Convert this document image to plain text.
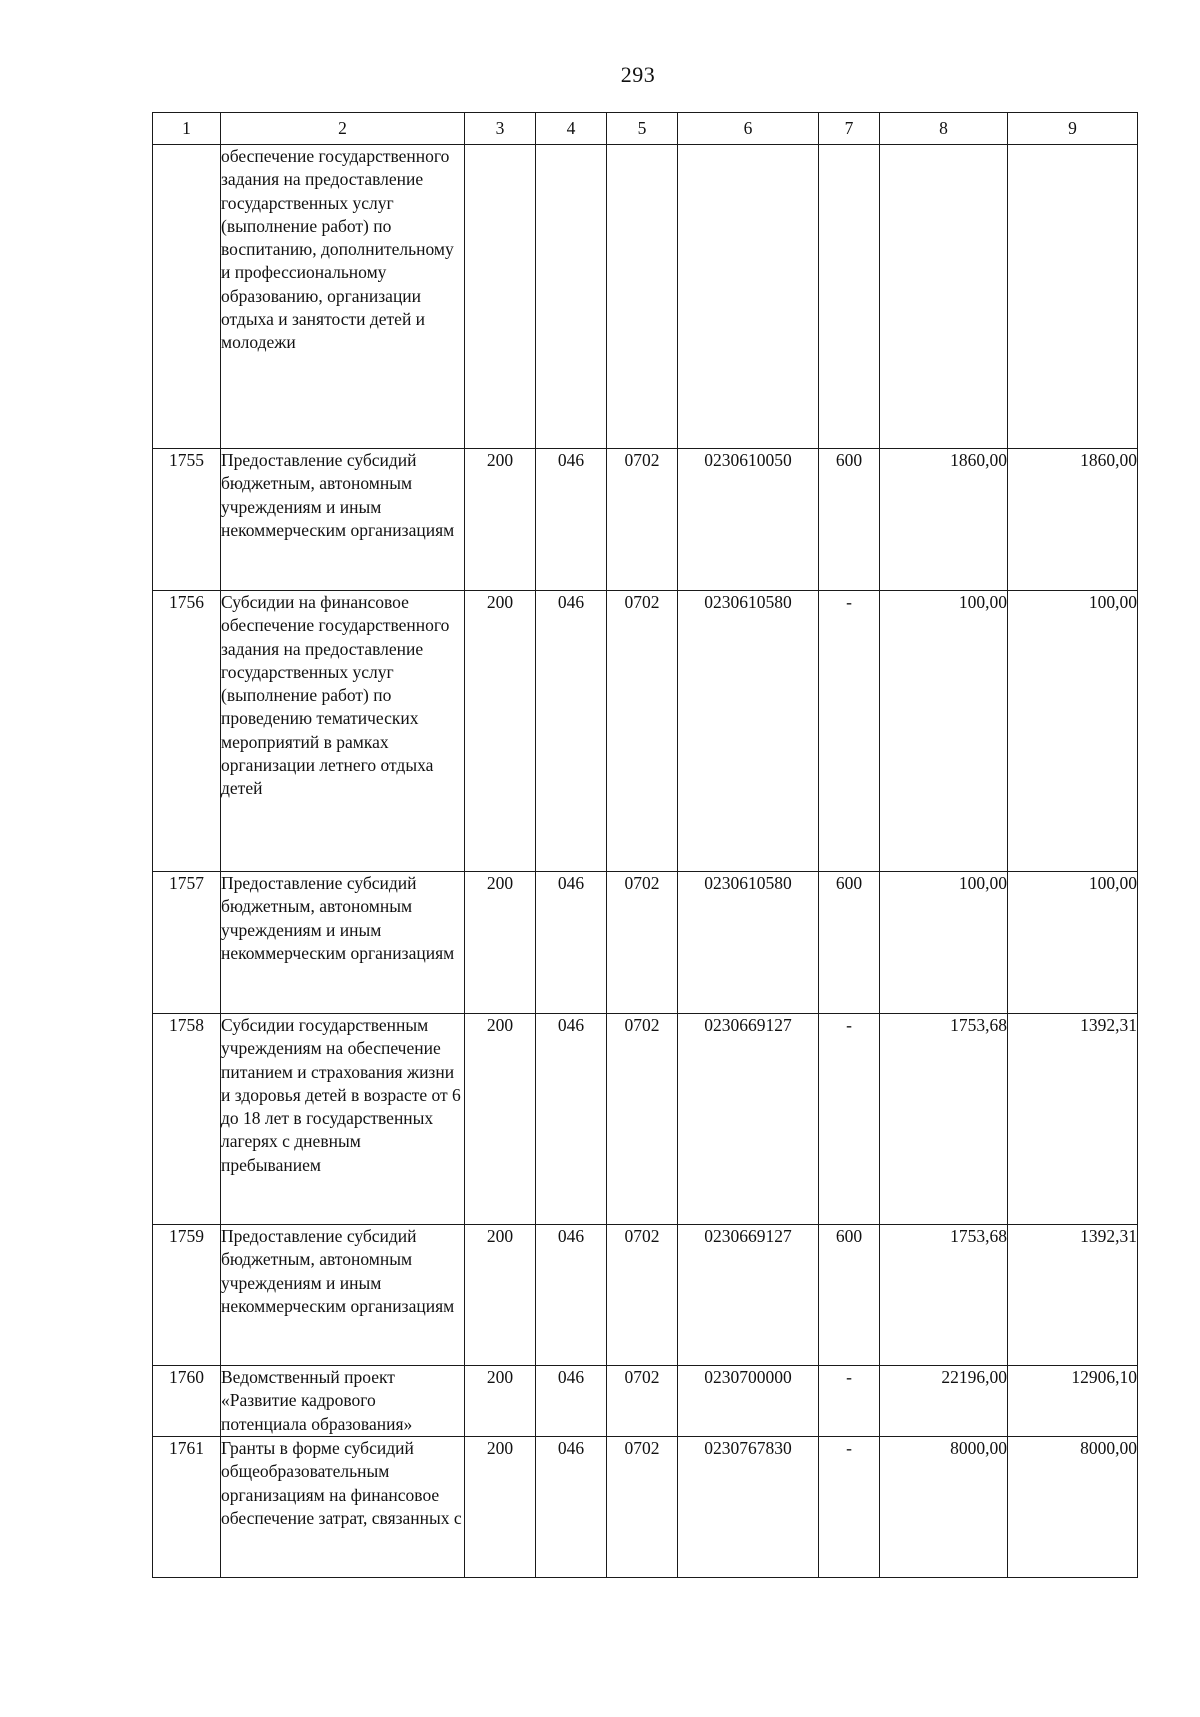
293
1	2	3	4	5	6	7	8	9
	обеспечение государственного задания на предоставление государственных услуг (выполнение работ) по воспитанию, дополнительному и профессиональному образованию, организации отдыха и занятости детей и молодежи							
1755	Предоставление субсидий бюджетным, автономным учреждениям и иным некоммерческим организациям	200	046	0702	0230610050	600	1860,00	1860,00
1756	Субсидии на финансовое обеспечение государственного задания на предоставление государственных услуг (выполнение работ) по проведению тематических мероприятий в рамках организации летнего отдыха детей	200	046	0702	0230610580	-	100,00	100,00
1757	Предоставление субсидий бюджетным, автономным учреждениям и иным некоммерческим организациям	200	046	0702	0230610580	600	100,00	100,00
1758	Субсидии государственным учреждениям на обеспечение питанием и страхования жизни и здоровья детей в возрасте от 6 до 18 лет в государственных лагерях с дневным пребыванием	200	046	0702	0230669127	-	1753,68	1392,31
1759	Предоставление субсидий бюджетным, автономным учреждениям и иным некоммерческим организациям	200	046	0702	0230669127	600	1753,68	1392,31
1760	Ведомственный проект «Развитие кадрового потенциала образования»	200	046	0702	0230700000	-	22196,00	12906,10
1761	Гранты в форме субсидий общеобразовательным организациям на финансовое обеспечение затрат, связанных с	200	046	0702	0230767830	-	8000,00	8000,00
